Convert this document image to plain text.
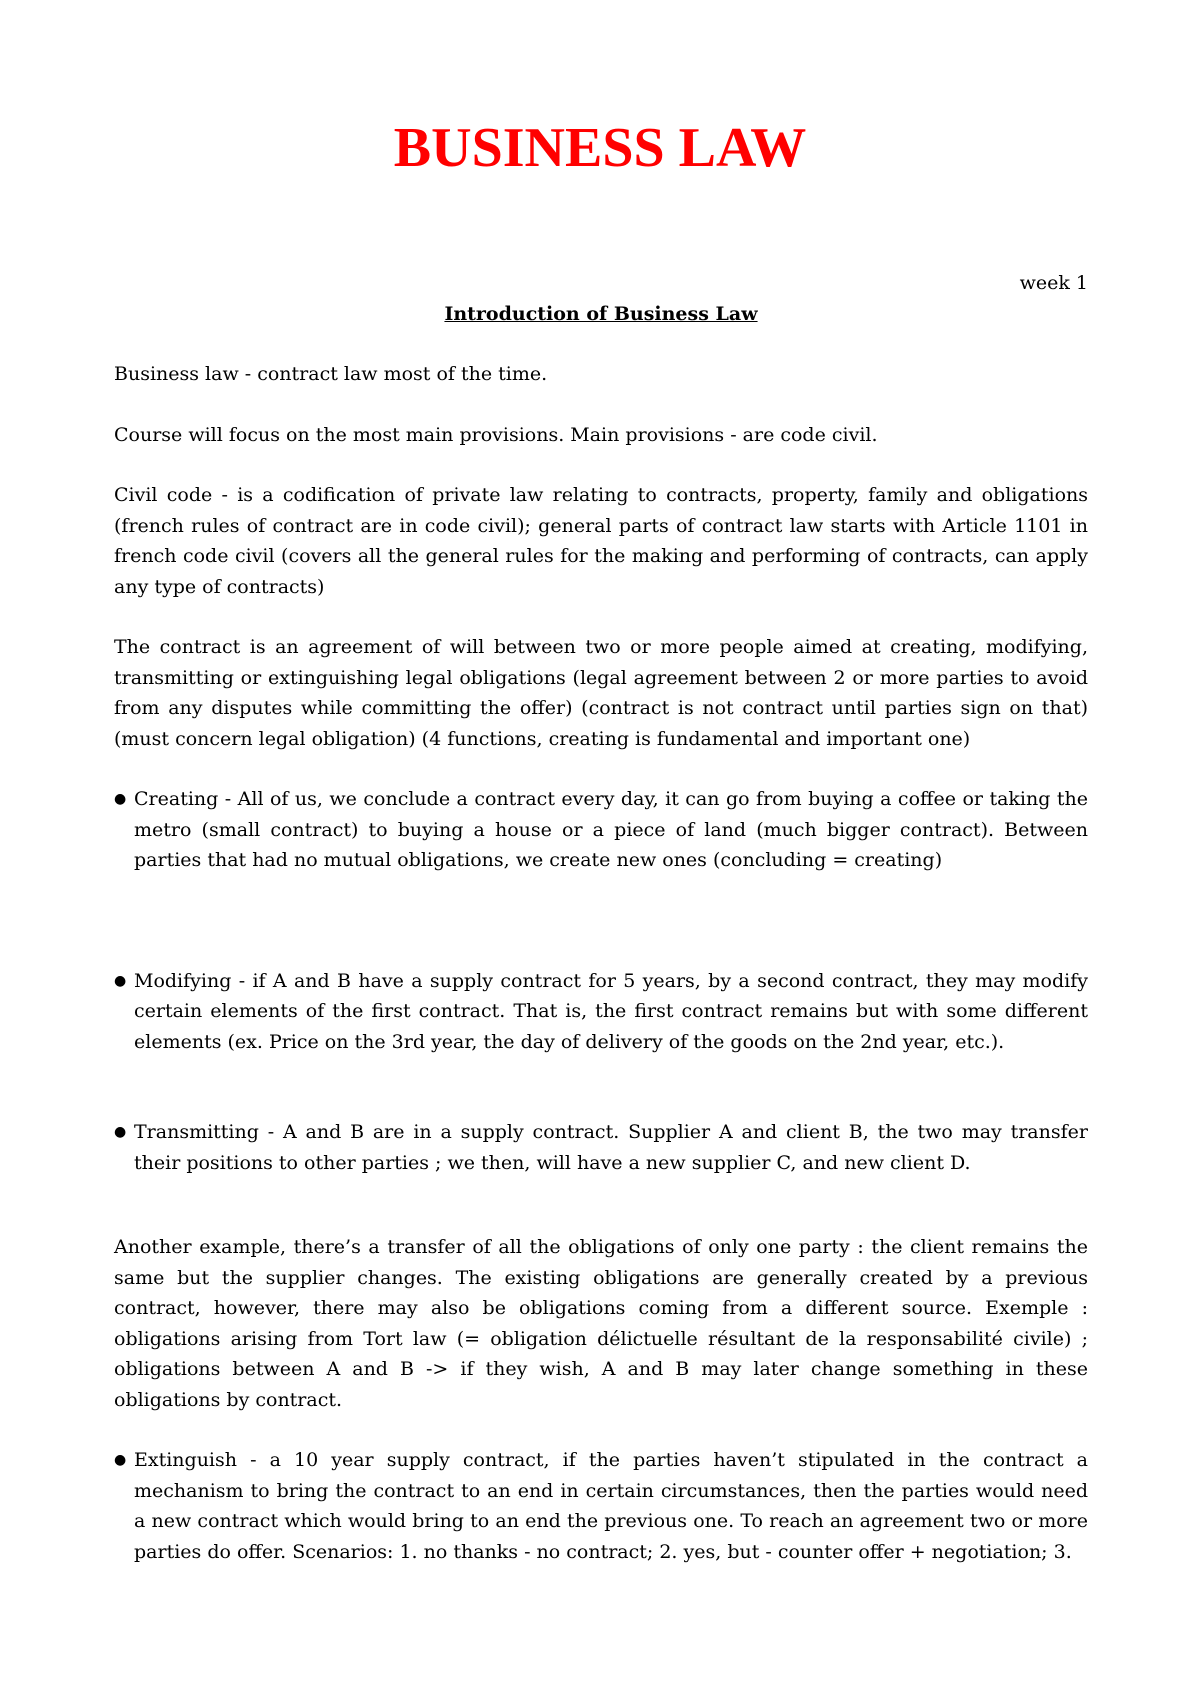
BUSINESS LAW

week 1

Introduction of Business Law

Business law - contract law most of the time.

Course will focus on the most main provisions. Main provisions - are code civil.

Civil code - is a codification of private law relating to contracts, property, family and obligations (french rules of contract are in code civil); general parts of contract law starts with Article 1101 in french code civil (covers all the general rules for the making and performing of contracts, can apply any type of contracts)

The contract is an agreement of will between two or more people aimed at creating, modifying, transmitting or extinguishing legal obligations (legal agreement between 2 or more parties to avoid from any disputes while committing the offer) (contract is not contract until parties sign on that) (must concern legal obligation) (4 functions, creating is fundamental and important one)

● Creating - All of us, we conclude a contract every day, it can go from buying a coffee or taking the metro (small contract) to buying a house or a piece of land (much bigger contract). Between parties that had no mutual obligations, we create new ones (concluding = creating)
● Modifying - if A and B have a supply contract for 5 years, by a second contract, they may modify certain elements of the first contract. That is, the first contract remains but with some different elements (ex. Price on the 3rd year, the day of delivery of the goods on the 2nd year, etc.).
● Transmitting - A and B are in a supply contract. Supplier A and client B, the two may transfer their positions to other parties ; we then, will have a new supplier C, and new client D.

Another example, there’s a transfer of all the obligations of only one party : the client remains the same but the supplier changes. The existing obligations are generally created by a previous contract, however, there may also be obligations coming from a different source. Exemple : obligations arising from Tort law (= obligation délictuelle résultant de la responsabilité civile) ; obligations between A and B -> if they wish, A and B may later change something in these obligations by contract.

● Extinguish - a 10 year supply contract, if the parties haven’t stipulated in the contract a mechanism to bring the contract to an end in certain circumstances, then the parties would need a new contract which would bring to an end the previous one. To reach an agreement two or more parties do offer. Scenarios: 1. no thanks - no contract; 2. yes, but - counter offer + negotiation; 3.
